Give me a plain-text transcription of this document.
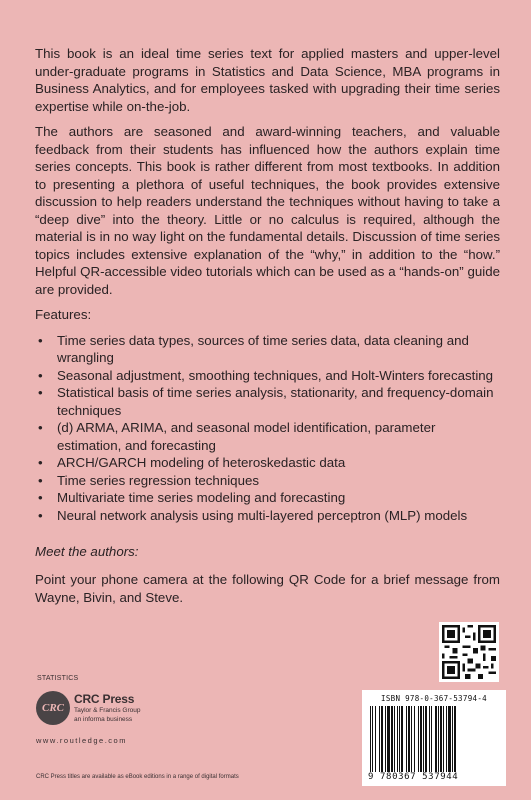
This book is an ideal time series text for applied masters and upper-level under-graduate programs in Statistics and Data Science, MBA programs in Business Analytics, and for employees tasked with upgrading their time series expertise while on-the-job.

The authors are seasoned and award-winning teachers, and valuable feedback from their students has influenced how the authors explain time series concepts. This book is rather different from most textbooks. In addition to presenting a plethora of useful techniques, the book provides extensive discussion to help readers understand the techniques without having to take a “deep dive” into the theory. Little or no calculus is required, although the material is in no way light on the fundamental details. Discussion of time series topics includes extensive explanation of the “why,” in addition to the “how.” Helpful QR-accessible video tutorials which can be used as a “hands-on” guide are provided.

Features:

• Time series data types, sources of time series data, data cleaning and wrangling
• Seasonal adjustment, smoothing techniques, and Holt-Winters forecasting
• Statistical basis of time series analysis, stationarity, and frequency-domain techniques
• (d) ARMA, ARIMA, and seasonal model identification, parameter estimation, and forecasting
• ARCH/GARCH modeling of heteroskedastic data
• Time series regression techniques
• Multivariate time series modeling and forecasting
• Neural network analysis using multi-layered perceptron (MLP) models

Meet the authors:

Point your phone camera at the following QR Code for a brief message from Wayne, Bivin, and Steve.

STATISTICS

CRC
CRC Press
Taylor & Francis Group
an informa business

www.routledge.com

CRC Press titles are available as eBook editions in a range of digital formats

ISBN 978-0-367-53794-4
9 780367 537944
